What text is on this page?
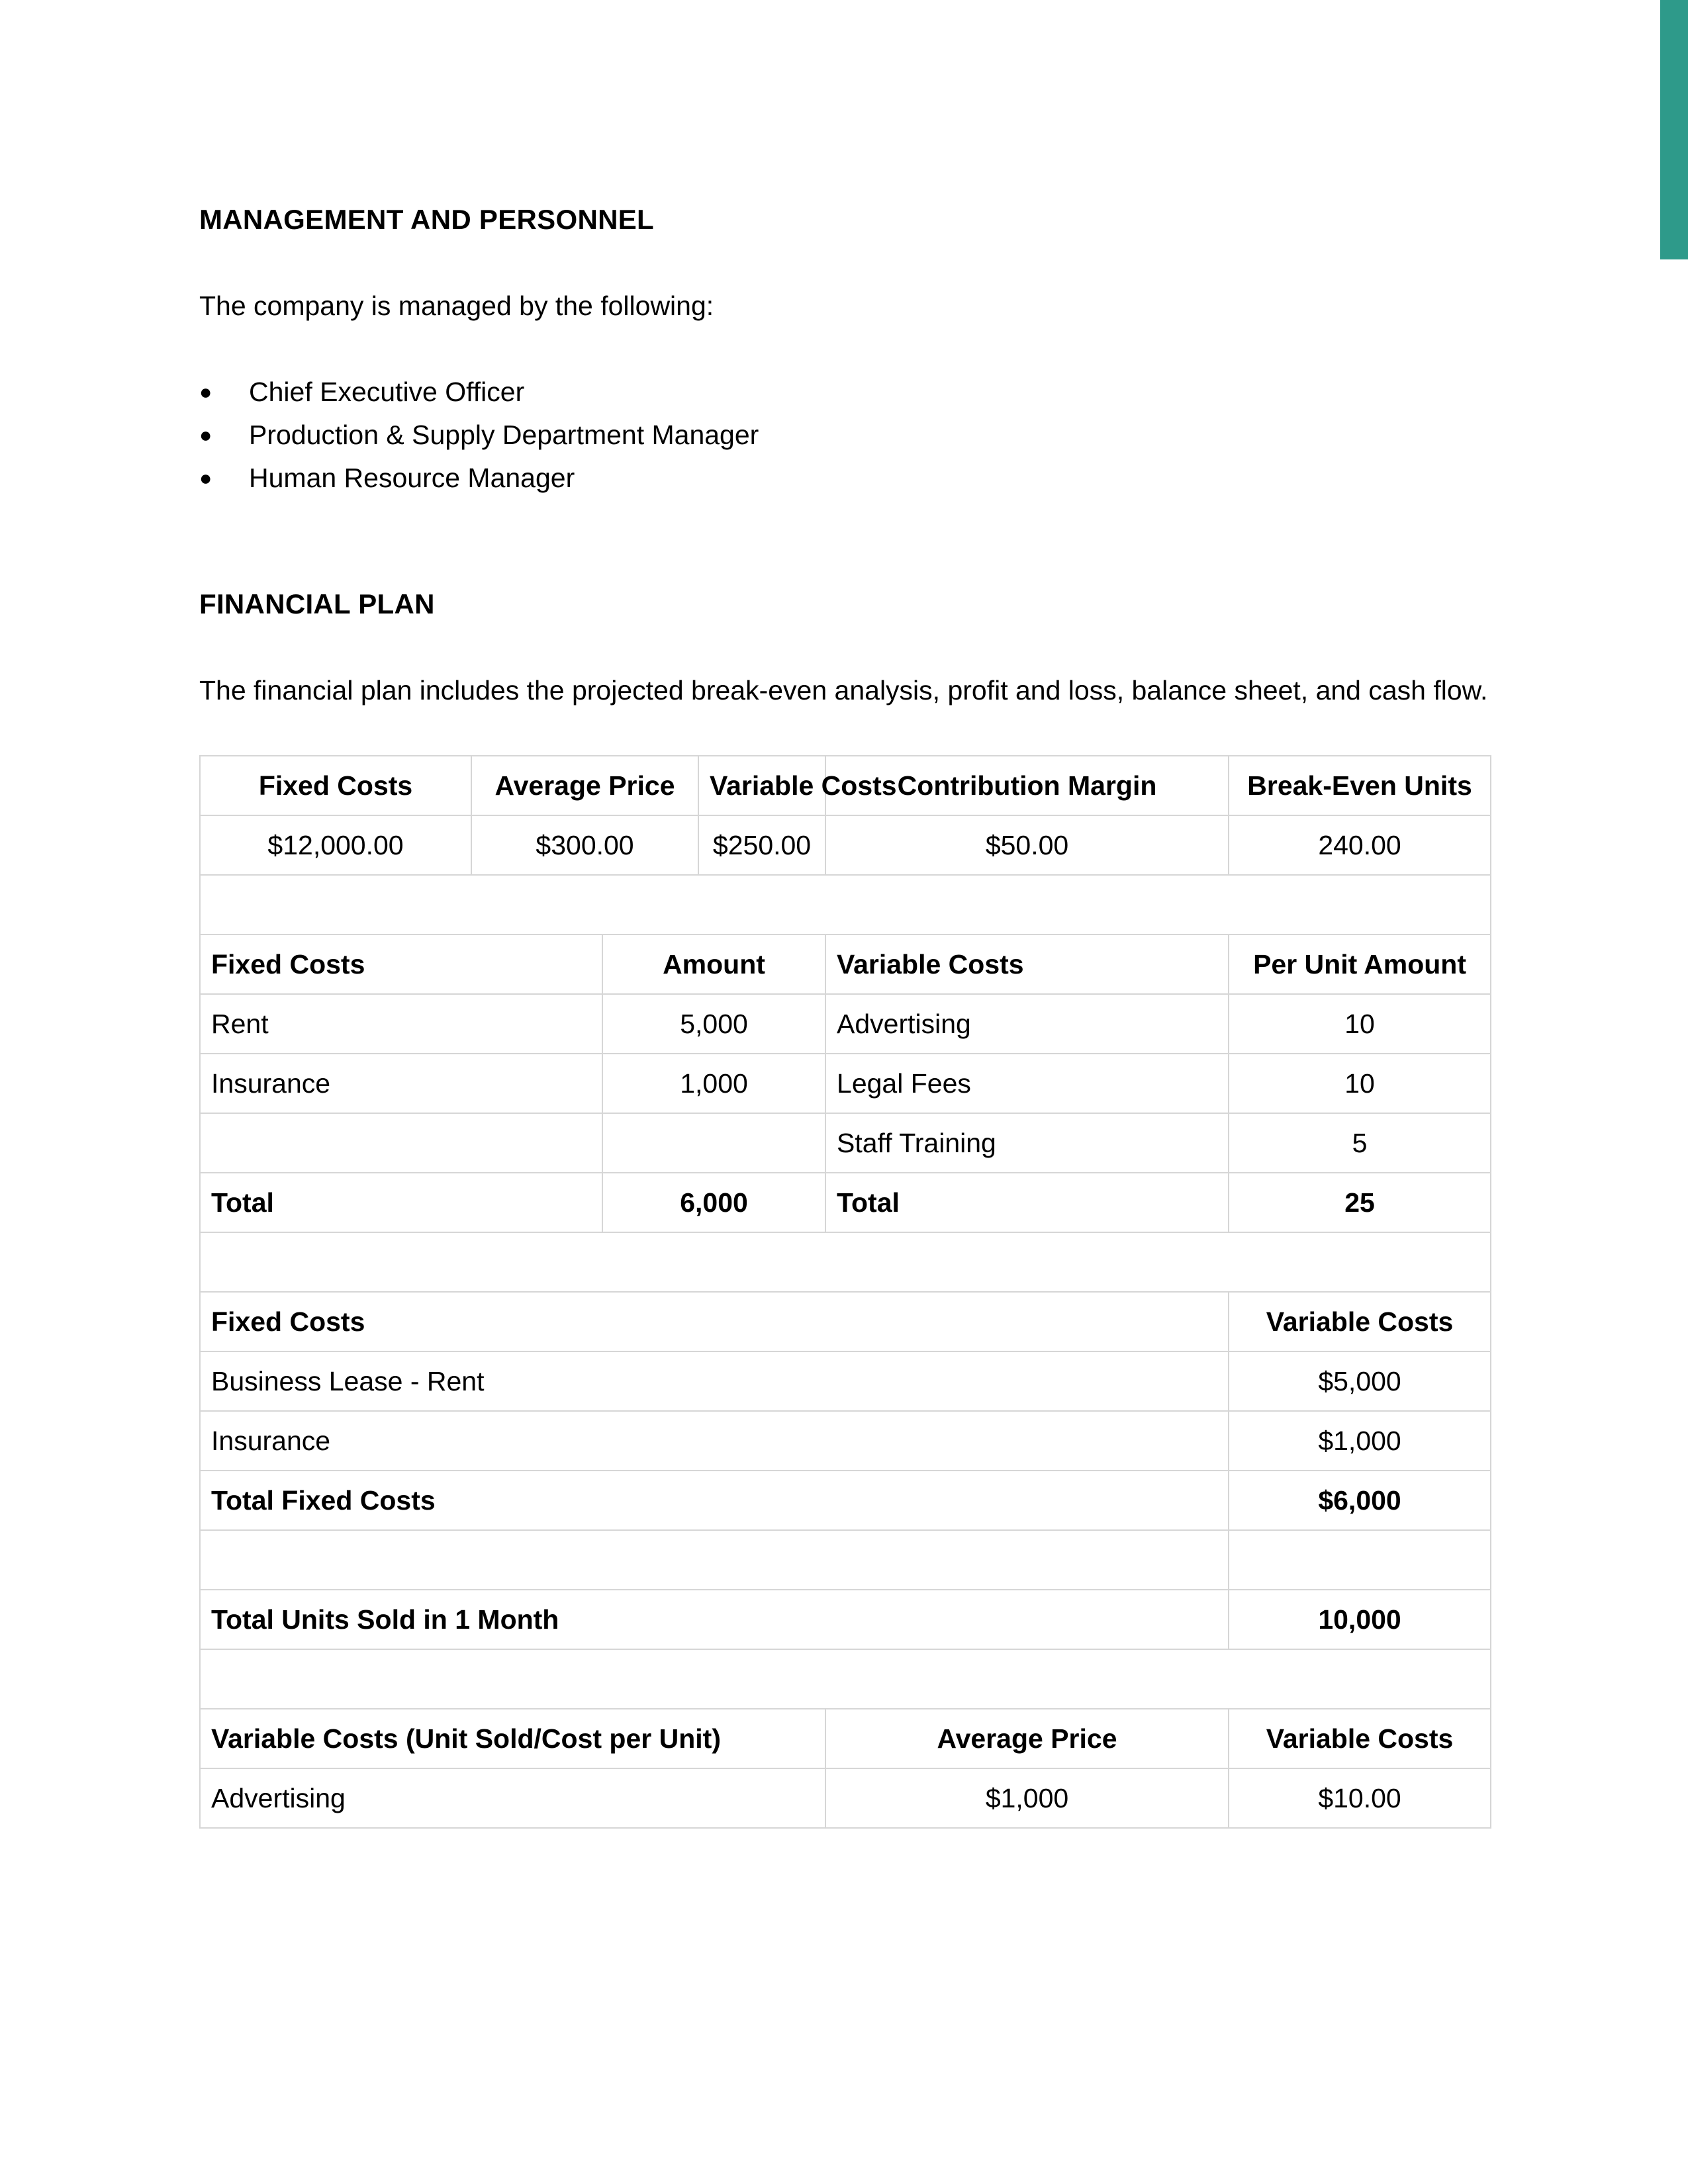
MANAGEMENT AND PERSONNEL

The company is managed by the following:

● Chief Executive Officer
● Production & Supply Department Manager
● Human Resource Manager
FINANCIAL PLAN

The financial plan includes the projected break-even analysis, profit and loss, balance sheet, and cash flow.

Fixed Costs	Average Price		Variable Costs	Contribution Margin	Break-Even Units
$12,000.00	$300.00		$250.00	$50.00	240.00

Fixed Costs		Amount		Variable Costs	Per Unit Amount
Rent		5,000		Advertising	10
Insurance		1,000		Legal Fees	10
				Staff Training	5
Total		6,000		Total	25

Fixed Costs					Variable Costs
Business Lease - Rent					$5,000
Insurance					$1,000
Total Fixed Costs					$6,000

Total Units Sold in 1 Month					10,000

Variable Costs (Unit Sold/Cost per Unit)				Average Price	Variable Costs
Advertising				$1,000	$10.00
